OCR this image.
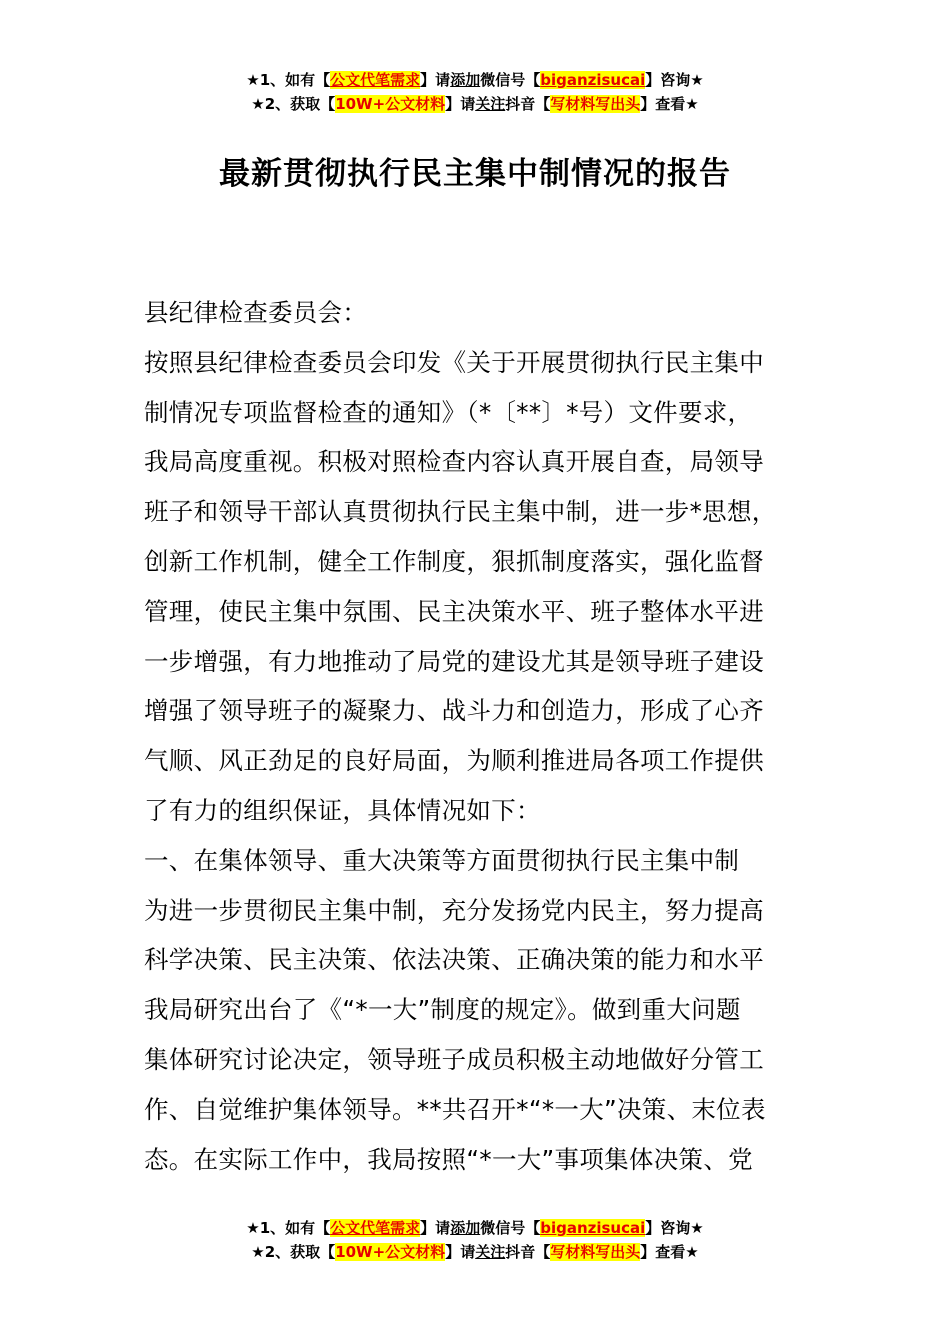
★1、如有【公文代笔需求】请添加微信号【biganzisucai】咨询★
★2、获取【10W+公文材料】请关注抖音【写材料写出头】查看★
最新贯彻执行民主集中制情况的报告
县纪律检查委员会：
按照县纪律检查委员会印发《关于开展贯彻执行民主集中
制情况专项监督检查的通知》（*〔**〕*号）文件要求，
我局高度重视。积极对照检查内容认真开展自查，局领导
班子和领导干部认真贯彻执行民主集中制，进一步*思想，
创新工作机制，健全工作制度，狠抓制度落实，强化监督
管理，使民主集中氛围、民主决策水平、班子整体水平进
一步增强，有力地推动了局党的建设尤其是领导班子建设
增强了领导班子的凝聚力、战斗力和创造力，形成了心齐
气顺、风正劲足的良好局面，为顺利推进局各项工作提供
了有力的组织保证，具体情况如下：
一、在集体领导、重大决策等方面贯彻执行民主集中制
为进一步贯彻民主集中制，充分发扬党内民主，努力提高
科学决策、民主决策、依法决策、正确决策的能力和水平
我局研究出台了《“*一大”制度的规定》。做到重大问题
集体研究讨论决定，领导班子成员积极主动地做好分管工
作、自觉维护集体领导。**共召开*“*一大”决策、末位表
态。在实际工作中，我局按照“*一大”事项集体决策、党
★1、如有【公文代笔需求】请添加微信号【biganzisucai】咨询★
★2、获取【10W+公文材料】请关注抖音【写材料写出头】查看★
